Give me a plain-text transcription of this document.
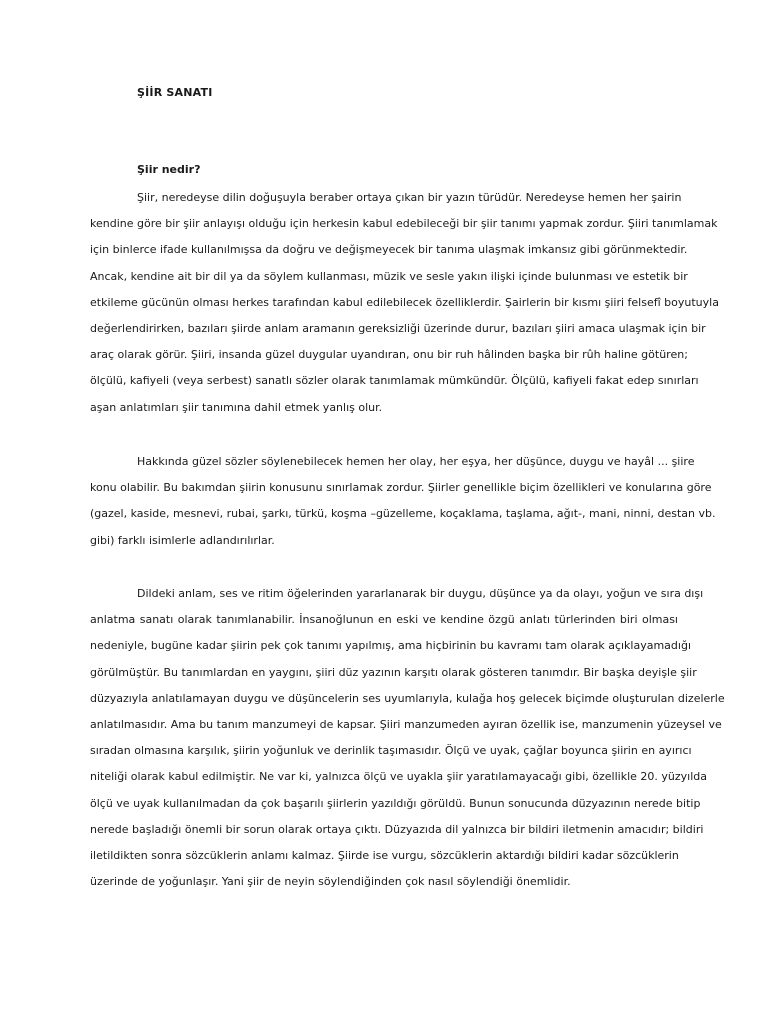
ŞİİR SANATI
Şiir nedir?
Şiir, neredeyse dilin doğuşuyla beraber ortaya çıkan bir yazın türüdür. Neredeyse hemen her şairin
kendine göre bir şiir anlayışı olduğu için herkesin kabul edebileceği bir şiir tanımı yapmak zordur. Şiiri tanımlamak
için binlerce ifade kullanılmışsa da doğru ve değişmeyecek bir tanıma ulaşmak imkansız gibi görünmektedir.
Ancak, kendine ait bir dil ya da söylem kullanması, müzik ve sesle yakın ilişki içinde bulunması ve estetik bir
etkileme gücünün olması herkes tarafından kabul edilebilecek özelliklerdir. Şairlerin bir kısmı şiiri felsefî boyutuyla
değerlendirirken, bazıları şiirde anlam aramanın gereksizliği üzerinde durur, bazıları şiiri amaca ulaşmak için bir
araç olarak görür. Şiiri, insanda güzel duygular uyandıran, onu bir ruh hâlinden başka bir rûh haline götüren;
ölçülü, kafiyeli (veya serbest) sanatlı sözler olarak tanımlamak mümkündür. Ölçülü, kafiyeli fakat edep sınırları
aşan anlatımları şiir tanımına dahil etmek yanlış olur.
Hakkında güzel sözler söylenebilecek hemen her olay, her eşya, her düşünce, duygu ve hayâl ... şiire
konu olabilir. Bu bakımdan şiirin konusunu sınırlamak zordur. Şiirler genellikle biçim özellikleri ve konularına göre
(gazel, kaside, mesnevi, rubai, şarkı, türkü, koşma –güzelleme, koçaklama, taşlama, ağıt-, mani, ninni, destan vb.
gibi) farklı isimlerle adlandırılırlar.
Dildeki anlam, ses ve ritim öğelerinden yararlanarak bir duygu, düşünce ya da olayı, yoğun ve sıra dışı
anlatma sanatı olarak tanımlanabilir. İnsanoğlunun en eski ve kendine özgü anlatı türlerinden biri olması
nedeniyle, bugüne kadar şiirin pek çok tanımı yapılmış, ama hiçbirinin bu kavramı tam olarak açıklayamadığı
görülmüştür. Bu tanımlardan en yaygını, şiiri düz yazının karşıtı olarak gösteren tanımdır. Bir başka deyişle şiir
düzyazıyla anlatılamayan duygu ve düşüncelerin ses uyumlarıyla, kulağa hoş gelecek biçimde oluşturulan dizelerle
anlatılmasıdır. Ama bu tanım manzumeyi de kapsar. Şiiri manzumeden ayıran özellik ise, manzumenin yüzeysel ve
sıradan olmasına karşılık, şiirin yoğunluk ve derinlik taşımasıdır. Ölçü ve uyak, çağlar boyunca şiirin en ayırıcı
niteliği olarak kabul edilmiştir. Ne var ki, yalnızca ölçü ve uyakla şiir yaratılamayacağı gibi, özellikle 20. yüzyılda
ölçü ve uyak kullanılmadan da çok başarılı şiirlerin yazıldığı görüldü. Bunun sonucunda düzyazının nerede bitip
nerede başladığı önemli bir sorun olarak ortaya çıktı. Düzyazıda dil yalnızca bir bildiri iletmenin amacıdır; bildiri
iletildikten sonra sözcüklerin anlamı kalmaz. Şiirde ise vurgu, sözcüklerin aktardığı bildiri kadar sözcüklerin
üzerinde de yoğunlaşır. Yani şiir de neyin söylendiğinden çok nasıl söylendiği önemlidir.
